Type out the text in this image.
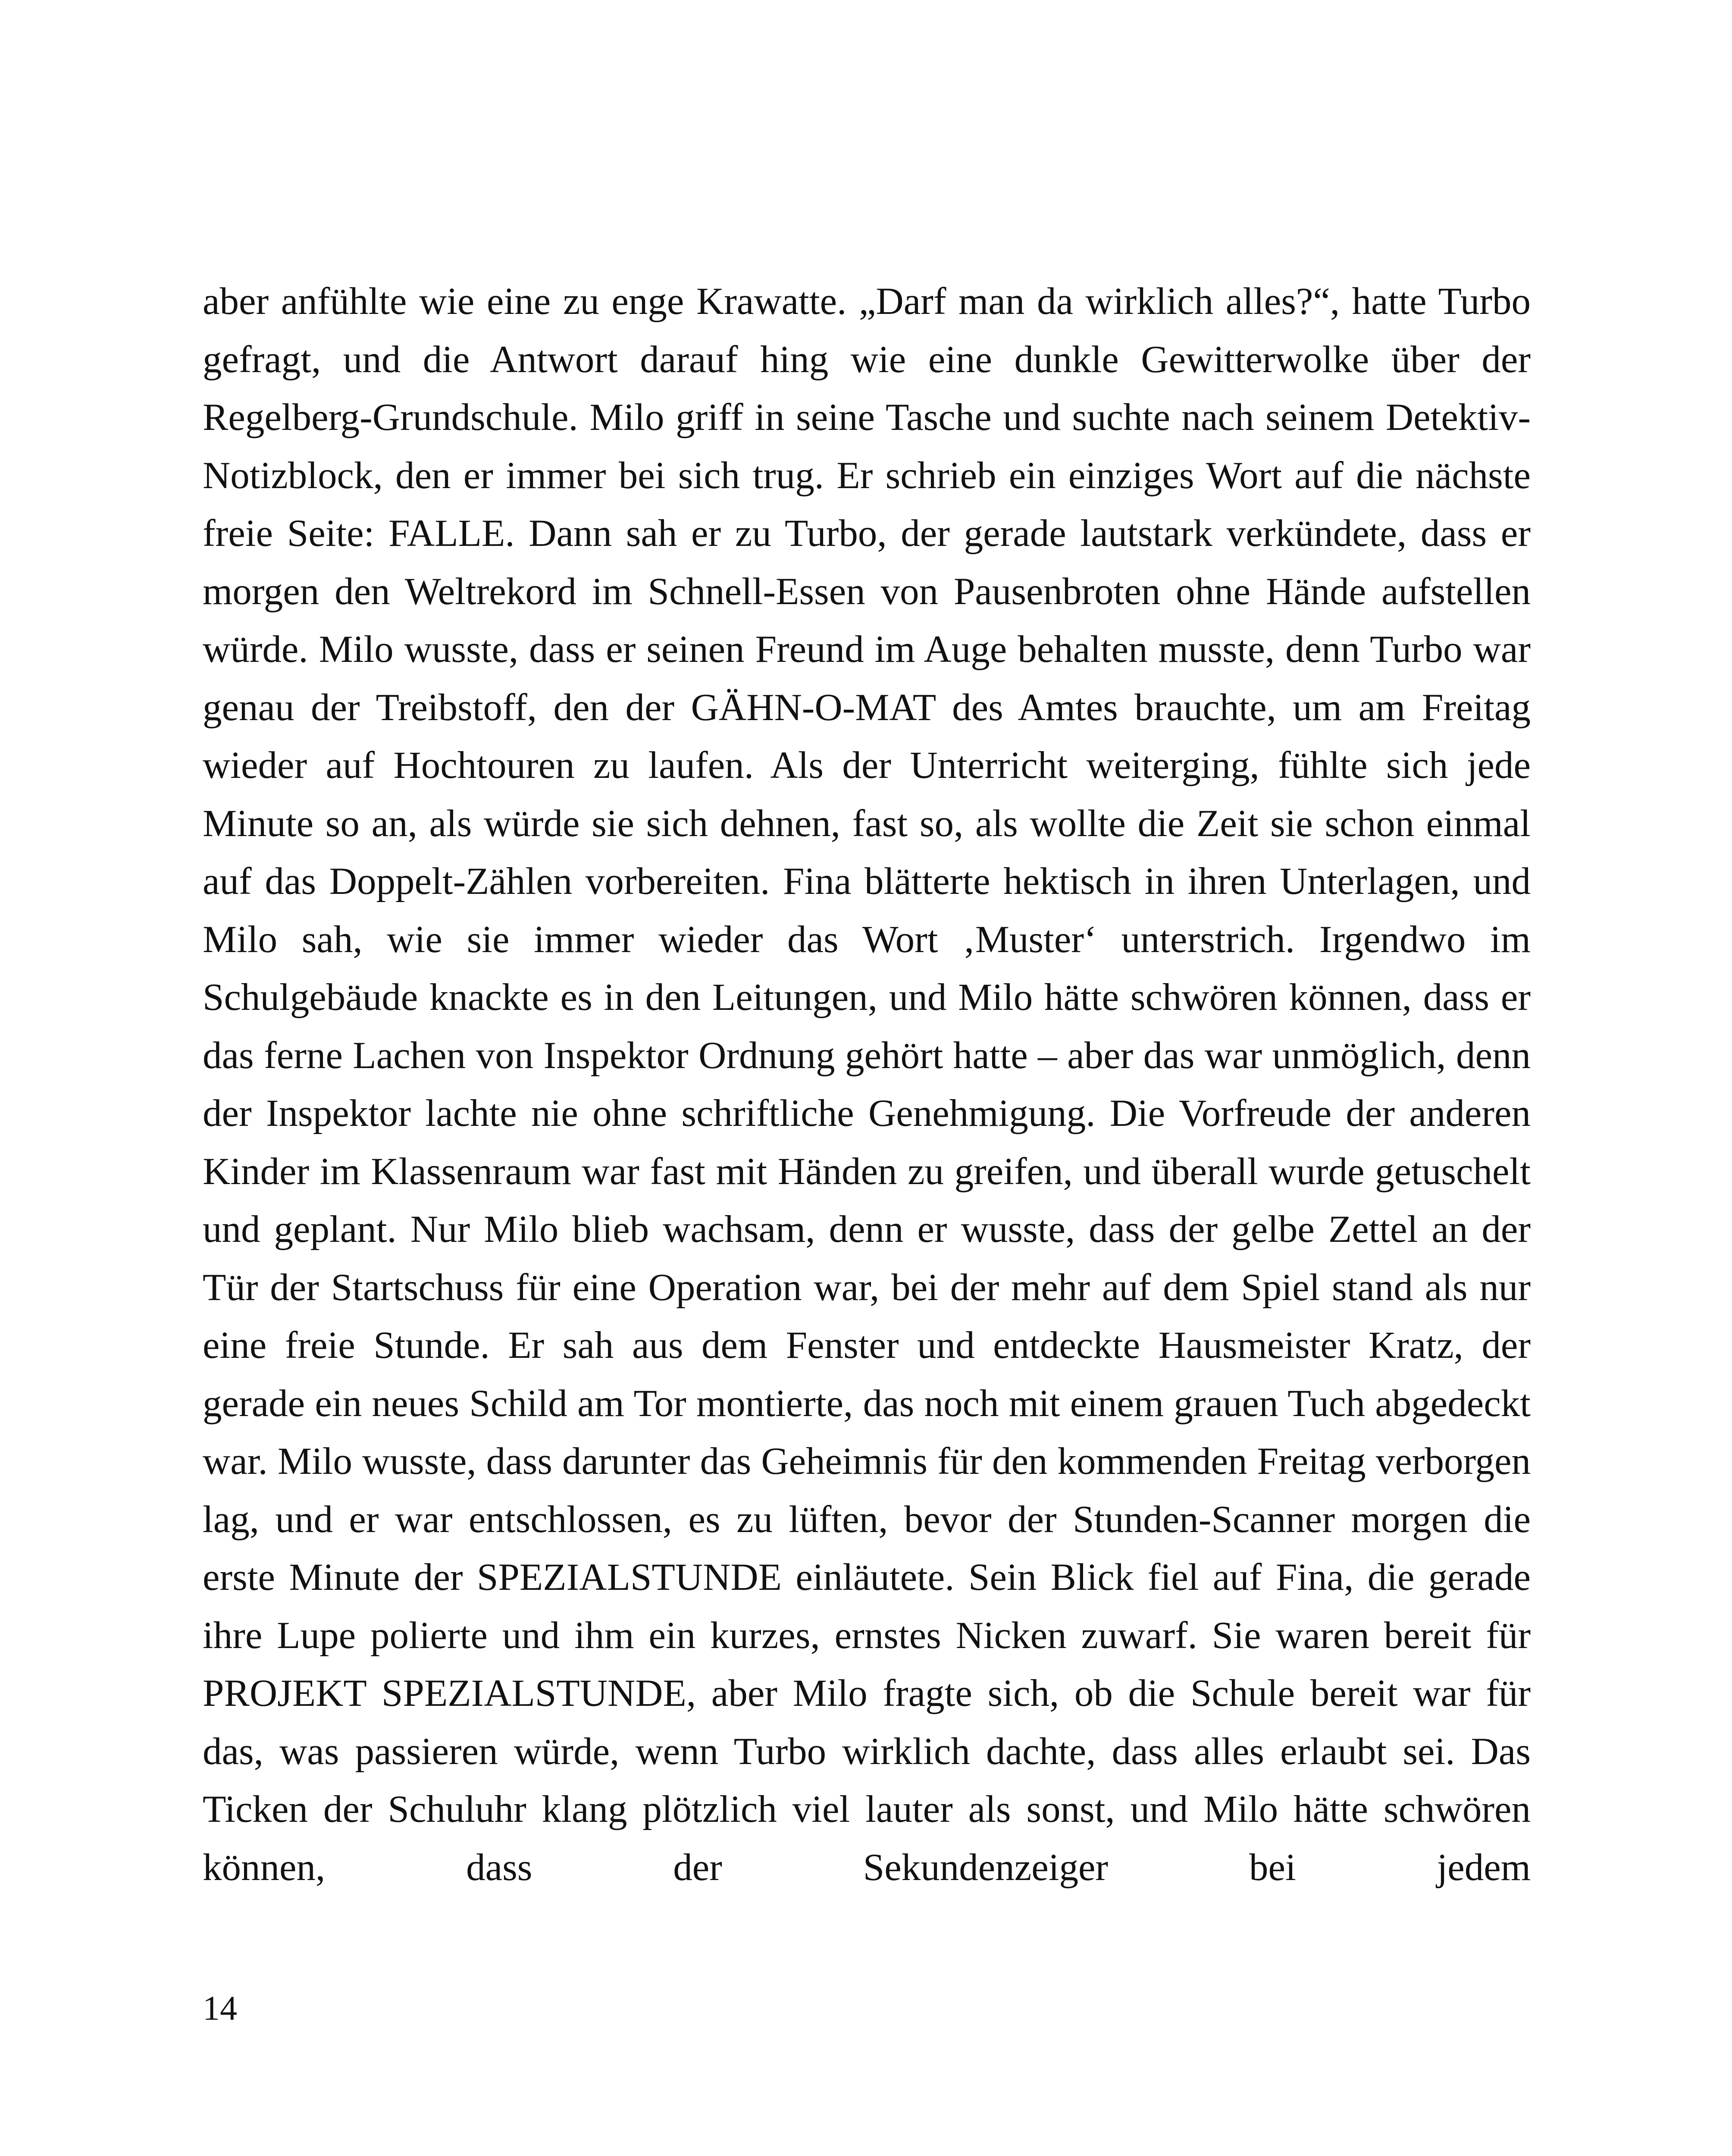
aber anfühlte wie eine zu enge Krawatte. „Darf man da wirklich alles?“, hatte Turbo gefragt, und die Antwort darauf hing wie eine dunkle Gewitterwolke über der Regelberg-Grundschule. Milo griff in seine Tasche und suchte nach seinem Detektiv-Notizblock, den er immer bei sich trug. Er schrieb ein einziges Wort auf die nächste freie Seite: FALLE. Dann sah er zu Turbo, der gerade lautstark verkündete, dass er morgen den Weltrekord im Schnell-Essen von Pausenbroten ohne Hände aufstellen würde. Milo wusste, dass er seinen Freund im Auge behalten musste, denn Turbo war genau der Treibstoff, den der GÄHN-O-MAT des Amtes brauchte, um am Freitag wieder auf Hochtouren zu laufen. Als der Unterricht weiterging, fühlte sich jede Minute so an, als würde sie sich dehnen, fast so, als wollte die Zeit sie schon einmal auf das Doppelt-Zählen vorbereiten. Fina blätterte hektisch in ihren Unterlagen, und Milo sah, wie sie immer wieder das Wort ‚Muster‘ unterstrich. Irgendwo im Schulgebäude knackte es in den Leitungen, und Milo hätte schwören können, dass er das ferne Lachen von Inspektor Ordnung gehört hatte – aber das war unmöglich, denn der Inspektor lachte nie ohne schriftliche Genehmigung. Die Vorfreude der anderen Kinder im Klassenraum war fast mit Händen zu greifen, und überall wurde getuschelt und geplant. Nur Milo blieb wachsam, denn er wusste, dass der gelbe Zettel an der Tür der Startschuss für eine Operation war, bei der mehr auf dem Spiel stand als nur eine freie Stunde. Er sah aus dem Fenster und entdeckte Hausmeister Kratz, der gerade ein neues Schild am Tor montierte, das noch mit einem grauen Tuch abgedeckt war. Milo wusste, dass darunter das Geheimnis für den kommenden Freitag verborgen lag, und er war entschlossen, es zu lüften, bevor der Stunden-Scanner morgen die erste Minute der SPEZIALSTUNDE einläutete. Sein Blick fiel auf Fina, die gerade ihre Lupe polierte und ihm ein kurzes, ernstes Nicken zuwarf. Sie waren bereit für PROJEKT SPEZIALSTUNDE, aber Milo fragte sich, ob die Schule bereit war für das, was passieren würde, wenn Turbo wirklich dachte, dass alles erlaubt sei. Das Ticken der Schuluhr klang plötzlich viel lauter als sonst, und Milo hätte schwören können, dass der Sekundenzeiger bei jedem

14
